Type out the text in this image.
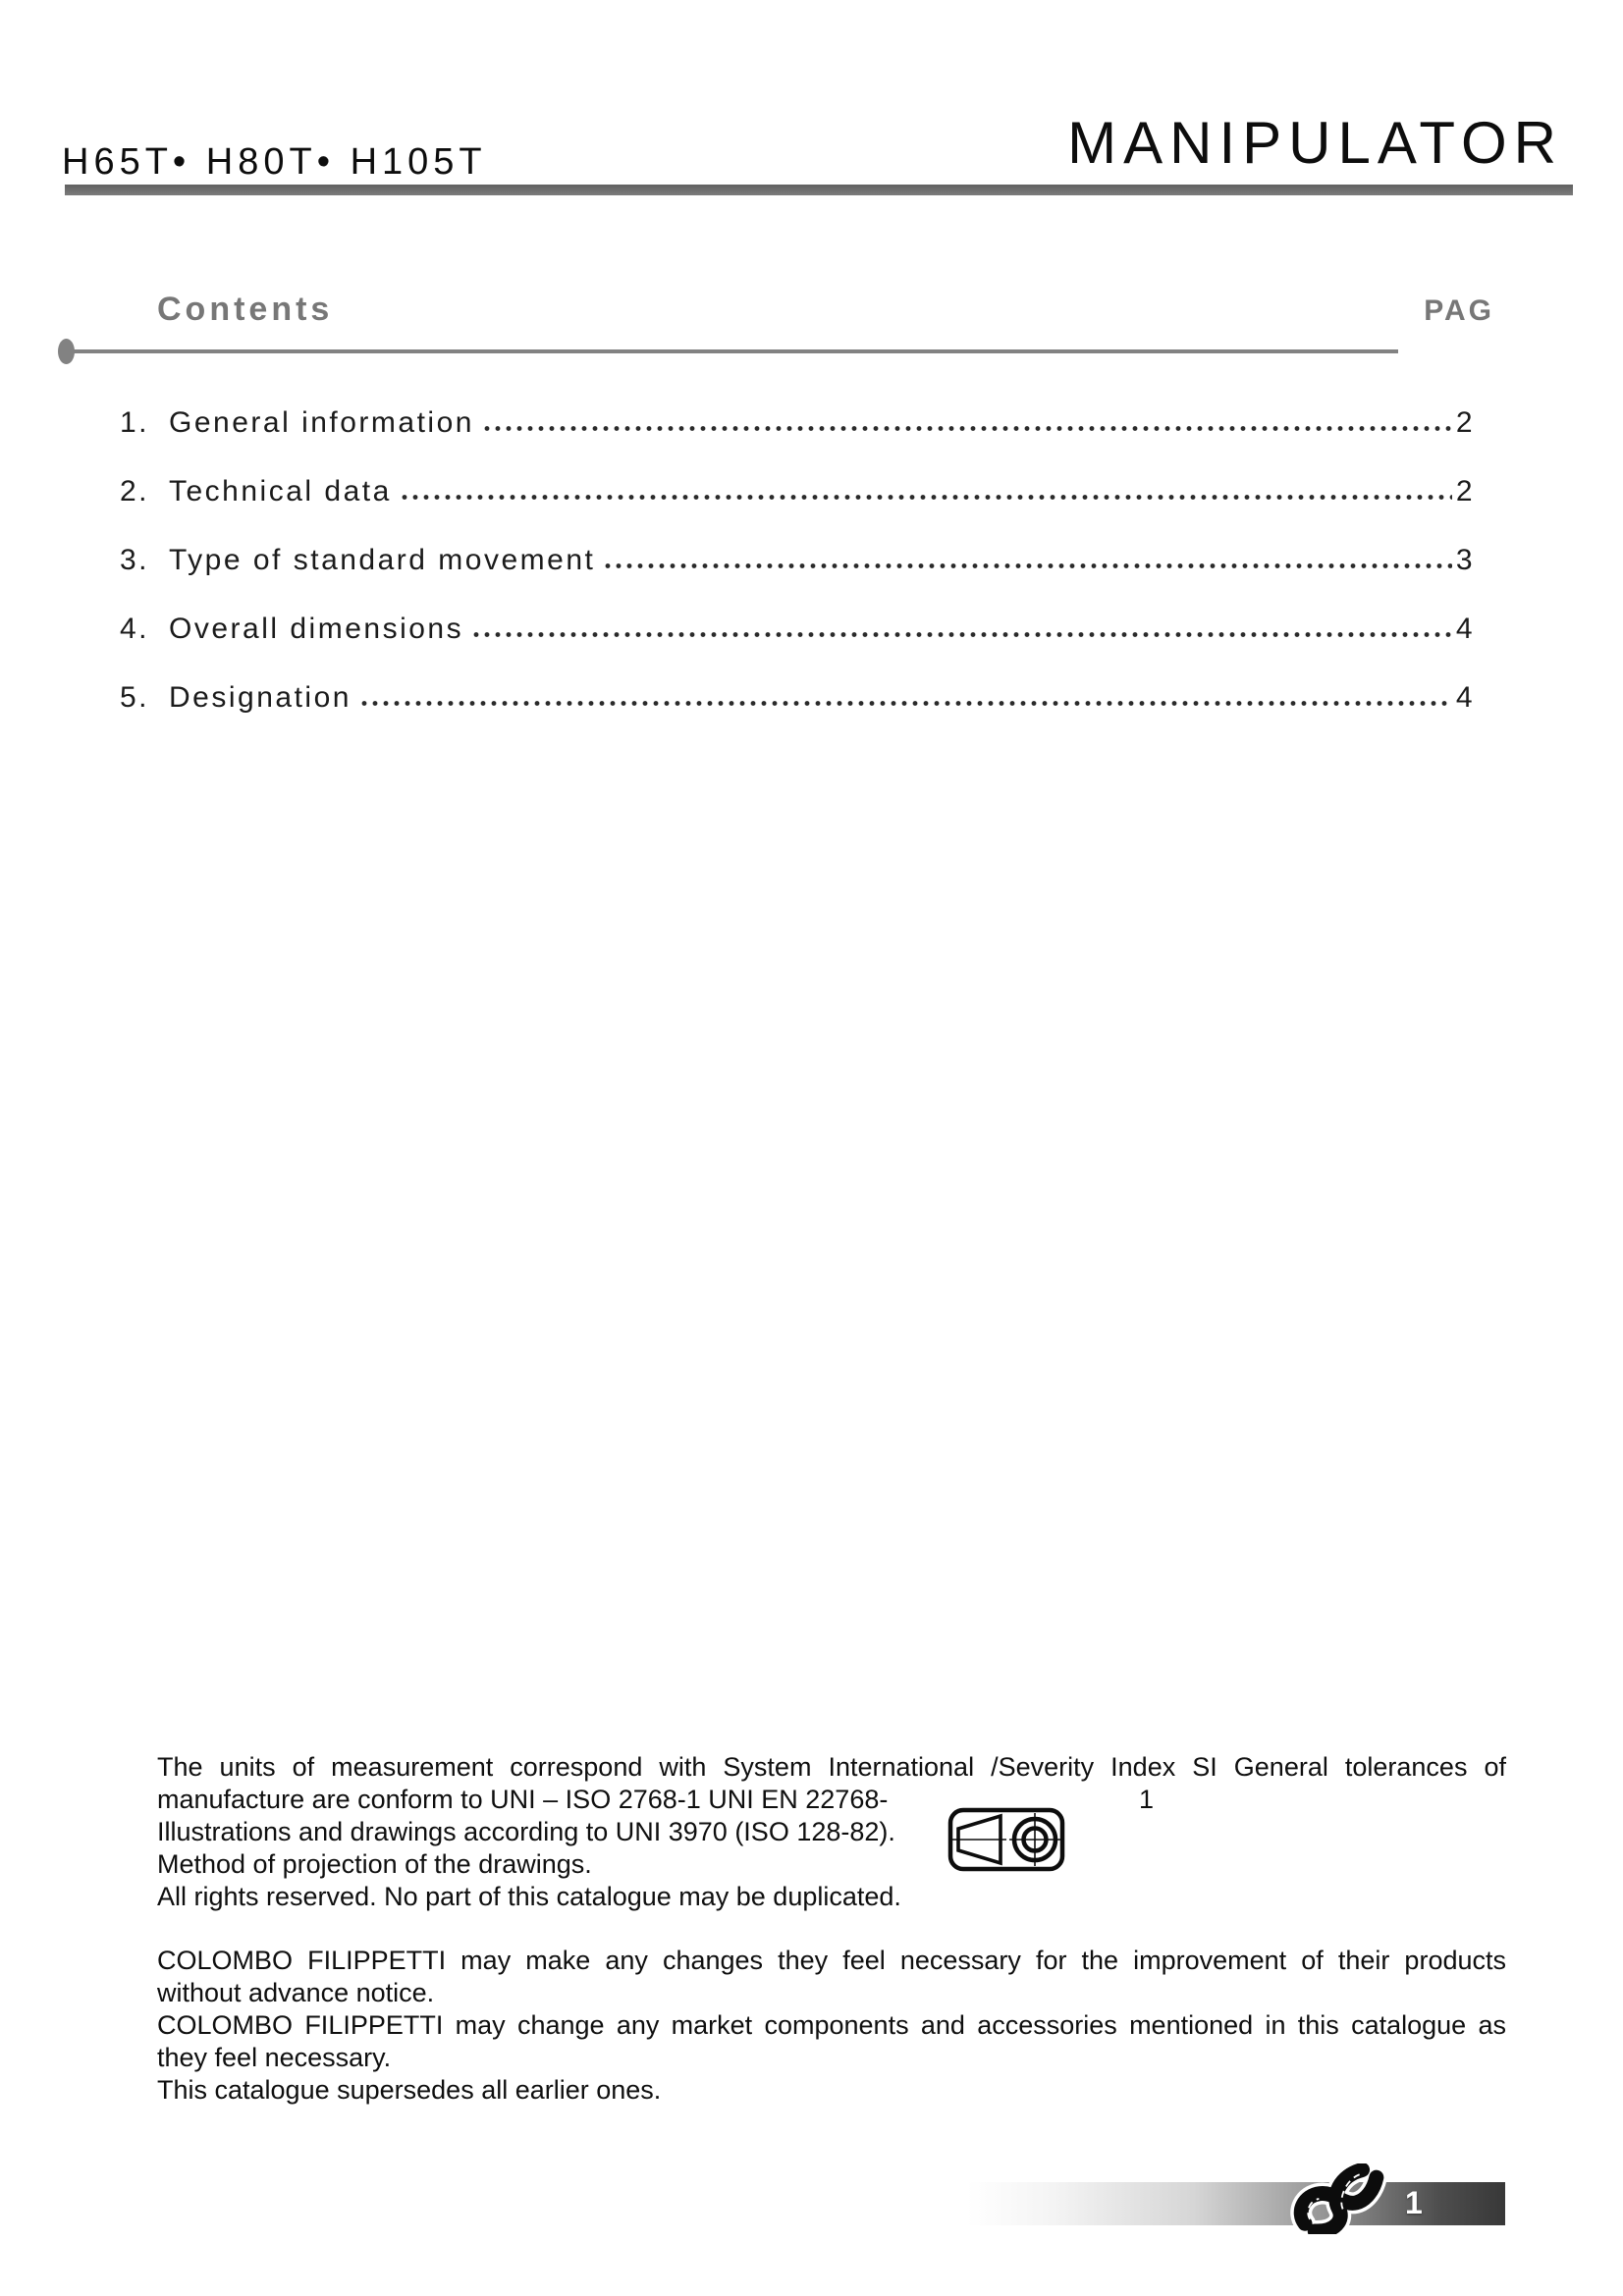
H65T• H80T• H105T	MANIPULATOR
Contents	PAG
1. General information	2
2. Technical data	2
3. Type of standard movement	3
4. Overall dimensions	4
5. Designation	4
The units of measurement correspond with System International /Severity Index SI General tolerances of
manufacture are conform to UNI – ISO 2768-1 UNI EN 22768-	1
Illustrations and drawings according to UNI 3970 (ISO 128-82).
Method of projection of the drawings.
All rights reserved. No part of this catalogue may be duplicated.
COLOMBO FILIPPETTI may make any changes they feel necessary for the improvement of their products
without advance notice.
COLOMBO FILIPPETTI may change any market components and accessories mentioned in this catalogue as
they feel necessary.
This catalogue supersedes all earlier ones.
1
